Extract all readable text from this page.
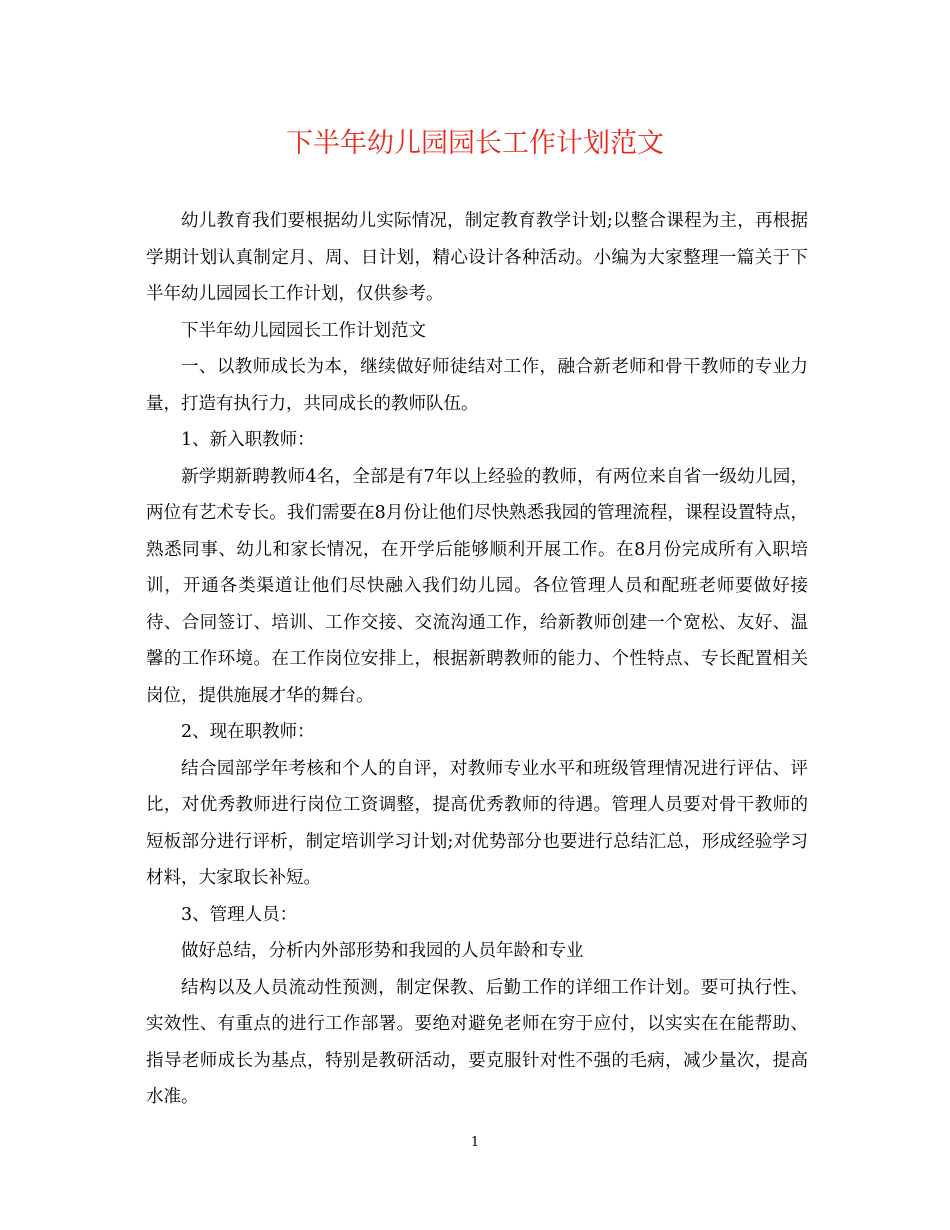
下半年幼儿园园长工作计划范文

幼儿教育我们要根据幼儿实际情况，制定教育教学计划;以整合课程为主，再根据学期计划认真制定月、周、日计划，精心设计各种活动。小编为大家整理一篇关于下半年幼儿园园长工作计划，仅供参考。

下半年幼儿园园长工作计划范文

一、以教师成长为本，继续做好师徒结对工作，融合新老师和骨干教师的专业力量，打造有执行力，共同成长的教师队伍。

1、新入职教师：

新学期新聘教师4名，全部是有7年以上经验的教师，有两位来自省一级幼儿园，两位有艺术专长。我们需要在8月份让他们尽快熟悉我园的管理流程，课程设置特点，熟悉同事、幼儿和家长情况，在开学后能够顺利开展工作。在8月份完成所有入职培训，开通各类渠道让他们尽快融入我们幼儿园。各位管理人员和配班老师要做好接待、合同签订、培训、工作交接、交流沟通工作，给新教师创建一个宽松、友好、温馨的工作环境。在工作岗位安排上，根据新聘教师的能力、个性特点、专长配置相关岗位，提供施展才华的舞台。

2、现在职教师：

结合园部学年考核和个人的自评，对教师专业水平和班级管理情况进行评估、评比，对优秀教师进行岗位工资调整，提高优秀教师的待遇。管理人员要对骨干教师的短板部分进行评析，制定培训学习计划;对优势部分也要进行总结汇总，形成经验学习材料，大家取长补短。

3、管理人员：

做好总结，分析内外部形势和我园的人员年龄和专业

结构以及人员流动性预测，制定保教、后勤工作的详细工作计划。要可执行性、实效性、有重点的进行工作部署。要绝对避免老师在穷于应付，以实实在在能帮助、指导老师成长为基点，特别是教研活动，要克服针对性不强的毛病，减少量次，提高水准。

1
